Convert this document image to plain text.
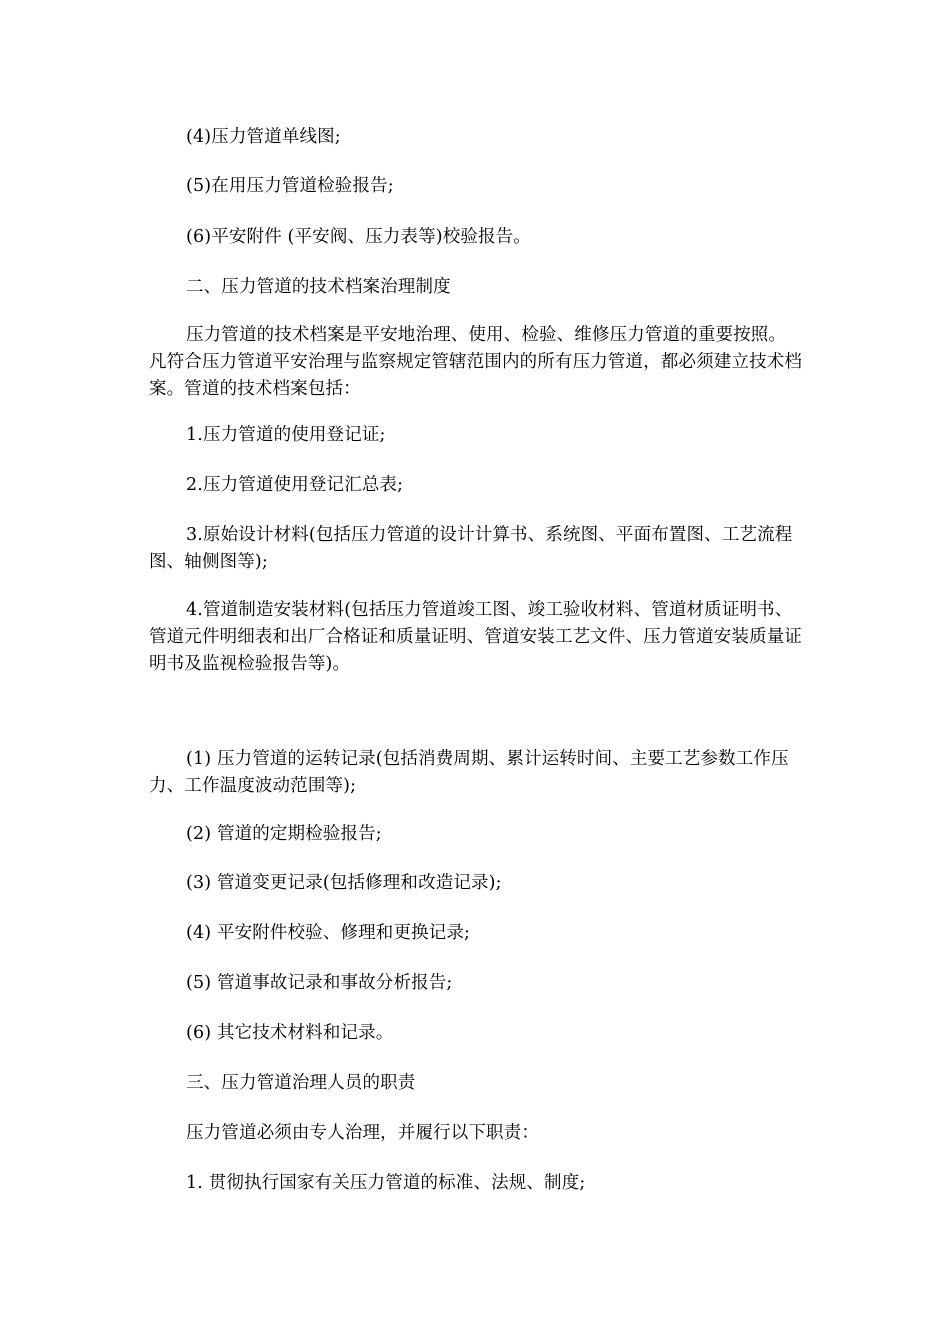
(4)压力管道单线图;

(5)在用压力管道检验报告;

(6)平安附件 (平安阀、压力表等)校验报告。

二、压力管道的技术档案治理制度

压力管道的技术档案是平安地治理、使用、检验、维修压力管道的重要按照。凡符合压力管道平安治理与监察规定管辖范围内的所有压力管道，都必须建立技术档案。管道的技术档案包括：

1.压力管道的使用登记证;

2.压力管道使用登记汇总表;

3.原始设计材料(包括压力管道的设计计算书、系统图、平面布置图、工艺流程图、轴侧图等);

4.管道制造安装材料(包括压力管道竣工图、竣工验收材料、管道材质证明书、管道元件明细表和出厂合格证和质量证明、管道安装工艺文件、压力管道安装质量证明书及监视检验报告等)。

(1) 压力管道的运转记录(包括消费周期、累计运转时间、主要工艺参数工作压力、工作温度波动范围等);

(2) 管道的定期检验报告;

(3) 管道变更记录(包括修理和改造记录);

(4) 平安附件校验、修理和更换记录;

(5) 管道事故记录和事故分析报告;

(6) 其它技术材料和记录。

三、压力管道治理人员的职责

压力管道必须由专人治理，并履行以下职责：

1. 贯彻执行国家有关压力管道的标准、法规、制度;
